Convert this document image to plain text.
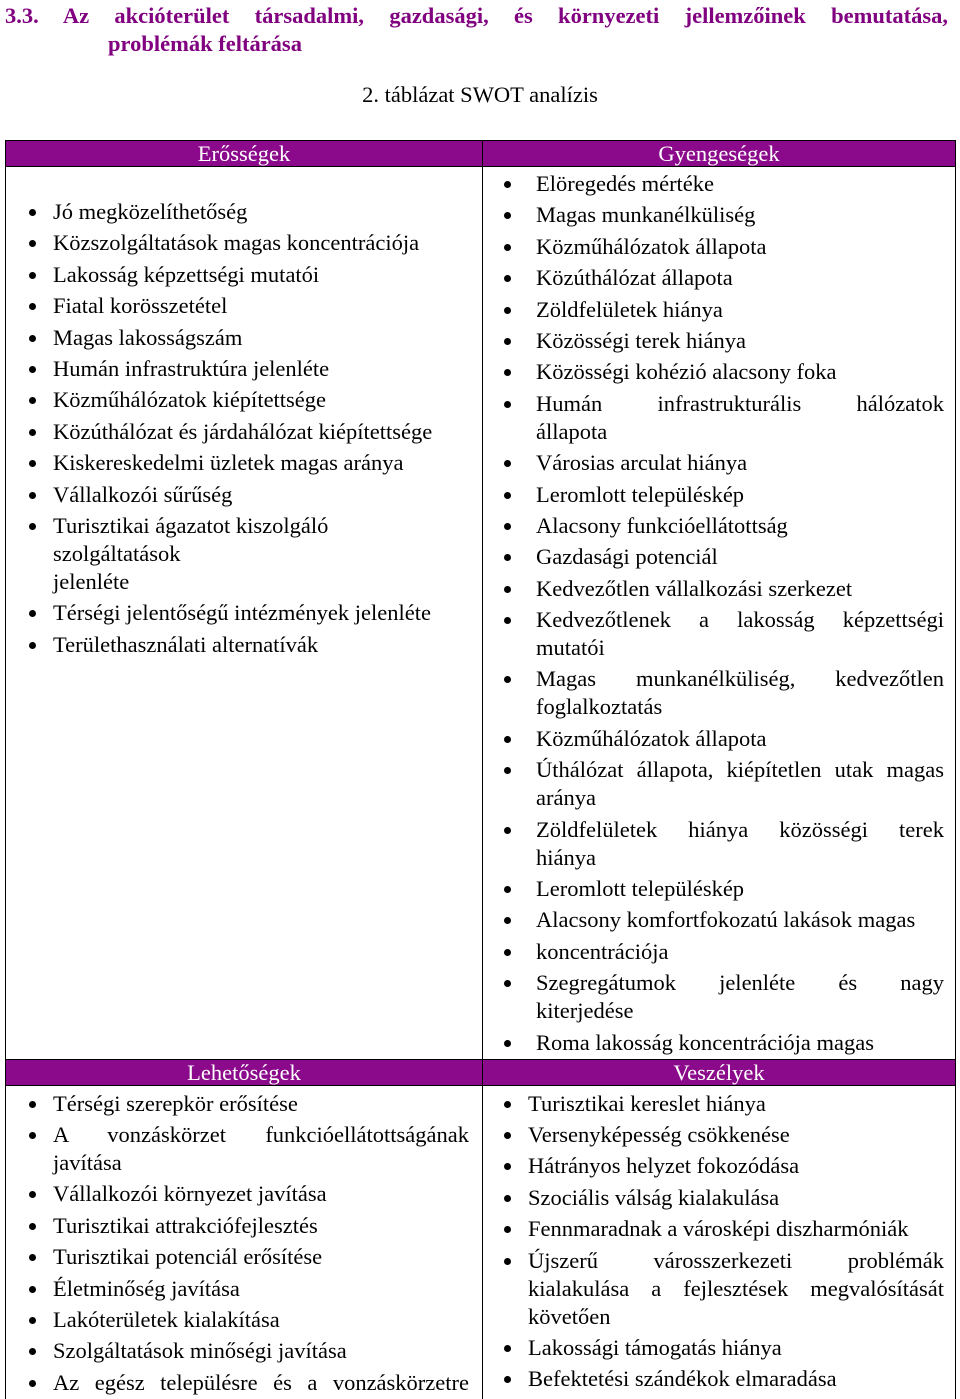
3.3. Az akcióterület társadalmi, gazdasági, és környezeti jellemzőinek bemutatása,
problémák feltárása
2. táblázat SWOT analízis
Erősségek	Gyengeségek
Jó megközelíthetőség
Közszolgáltatások magas koncentrációja
Lakosság képzettségi mutatói
Fiatal korösszetétel
Magas lakosságszám
Humán infrastruktúra jelenléte
Közműhálózatok kiépítettsége
Közúthálózat és járdahálózat kiépítettsége
Kiskereskedelmi üzletek magas aránya
Vállalkozói sűrűség
Turisztikai ágazatot kiszolgáló
szolgáltatások
jelenléte
Térségi jelentőségű intézmények jelenléte
Területhasználati alternatívák
Elöregedés mértéke
Magas munkanélküliség
Közműhálózatok állapota
Közúthálózat állapota
Zöldfelületek hiánya
Közösségi terek hiánya
Közösségi kohézió alacsony foka
Humán infrastrukturális hálózatok
állapota
Városias arculat hiánya
Leromlott településkép
Alacsony funkcióellátottság
Gazdasági potenciál
Kedvezőtlen vállalkozási szerkezet
Kedvezőtlenek a lakosság képzettségi
mutatói
Magas munkanélküliség, kedvezőtlen
foglalkoztatás
Közműhálózatok állapota
Úthálózat állapota, kiépítetlen utak magas
aránya
Zöldfelületek hiánya közösségi terek
hiánya
Leromlott településkép
Alacsony komfortfokozatú lakások magas
koncentrációja
Szegregátumok jelenléte és nagy
kiterjedése
Roma lakosság koncentrációja magas
Lehetőségek	Veszélyek
Térségi szerepkör erősítése
A vonzáskörzet funkcióellátottságának
javítása
Vállalkozói környezet javítása
Turisztikai attrakciófejlesztés
Turisztikai potenciál erősítése
Életminőség javítása
Lakóterületek kialakítása
Szolgáltatások minőségi javítása
Az egész településre és a vonzáskörzetre
Turisztikai kereslet hiánya
Versenyképesség csökkenése
Hátrányos helyzet fokozódása
Szociális válság kialakulása
Fennmaradnak a városképi diszharmóniák
Újszerű városszerkezeti problémák
kialakulása a fejlesztések megvalósítását
követően
Lakossági támogatás hiánya
Befektetési szándékok elmaradása
